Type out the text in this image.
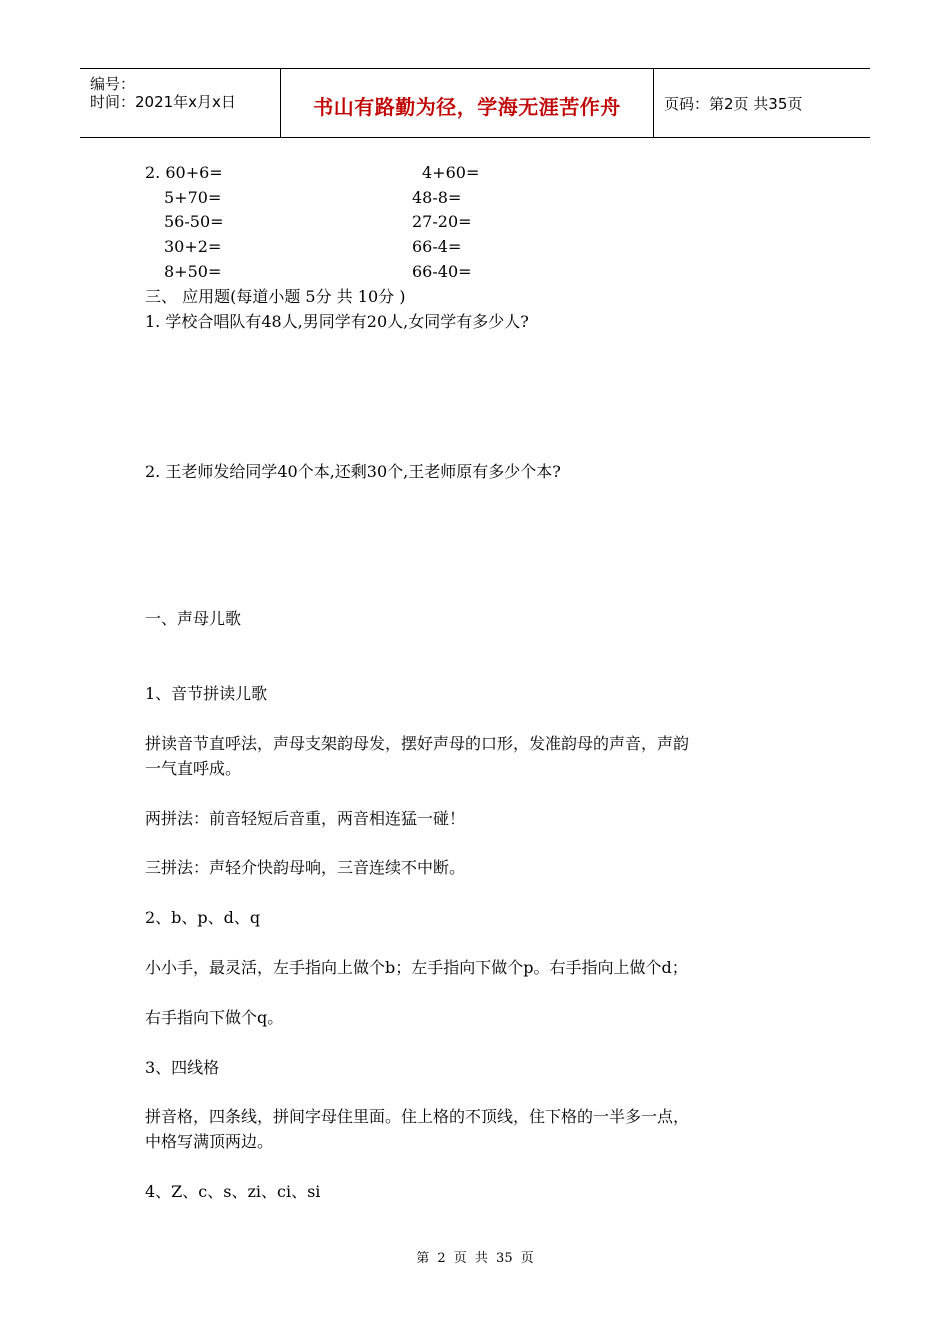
编号：
时间：2021年x月x日	书山有路勤为径，学海无涯苦作舟	页码：第2页 共35页
2. 60+6=	4+60=
5+70=	48-8=
56-50=	27-20=
30+2=	66-4=
8+50=	66-40=
三、 应用题(每道小题 5分 共 10分 )
1. 学校合唱队有48人,男同学有20人,女同学有多少人?
2. 王老师发给同学40个本,还剩30个,王老师原有多少个本?
一、声母儿歌
1、音节拼读儿歌
拼读音节直呼法，声母支架韵母发，摆好声母的口形，发准韵母的声音，声韵
一气直呼成。
两拼法：前音轻短后音重，两音相连猛一碰！
三拼法：声轻介快韵母响，三音连续不中断。
2、b、p、d、q
小小手，最灵活，左手指向上做个b；左手指向下做个p。右手指向上做个d；
右手指向下做个q。
3、四线格
拼音格，四条线，拼间字母住里面。住上格的不顶线，住下格的一半多一点，
中格写满顶两边。
4、Z、c、s、zi、ci、si
第 2 页 共 35 页
